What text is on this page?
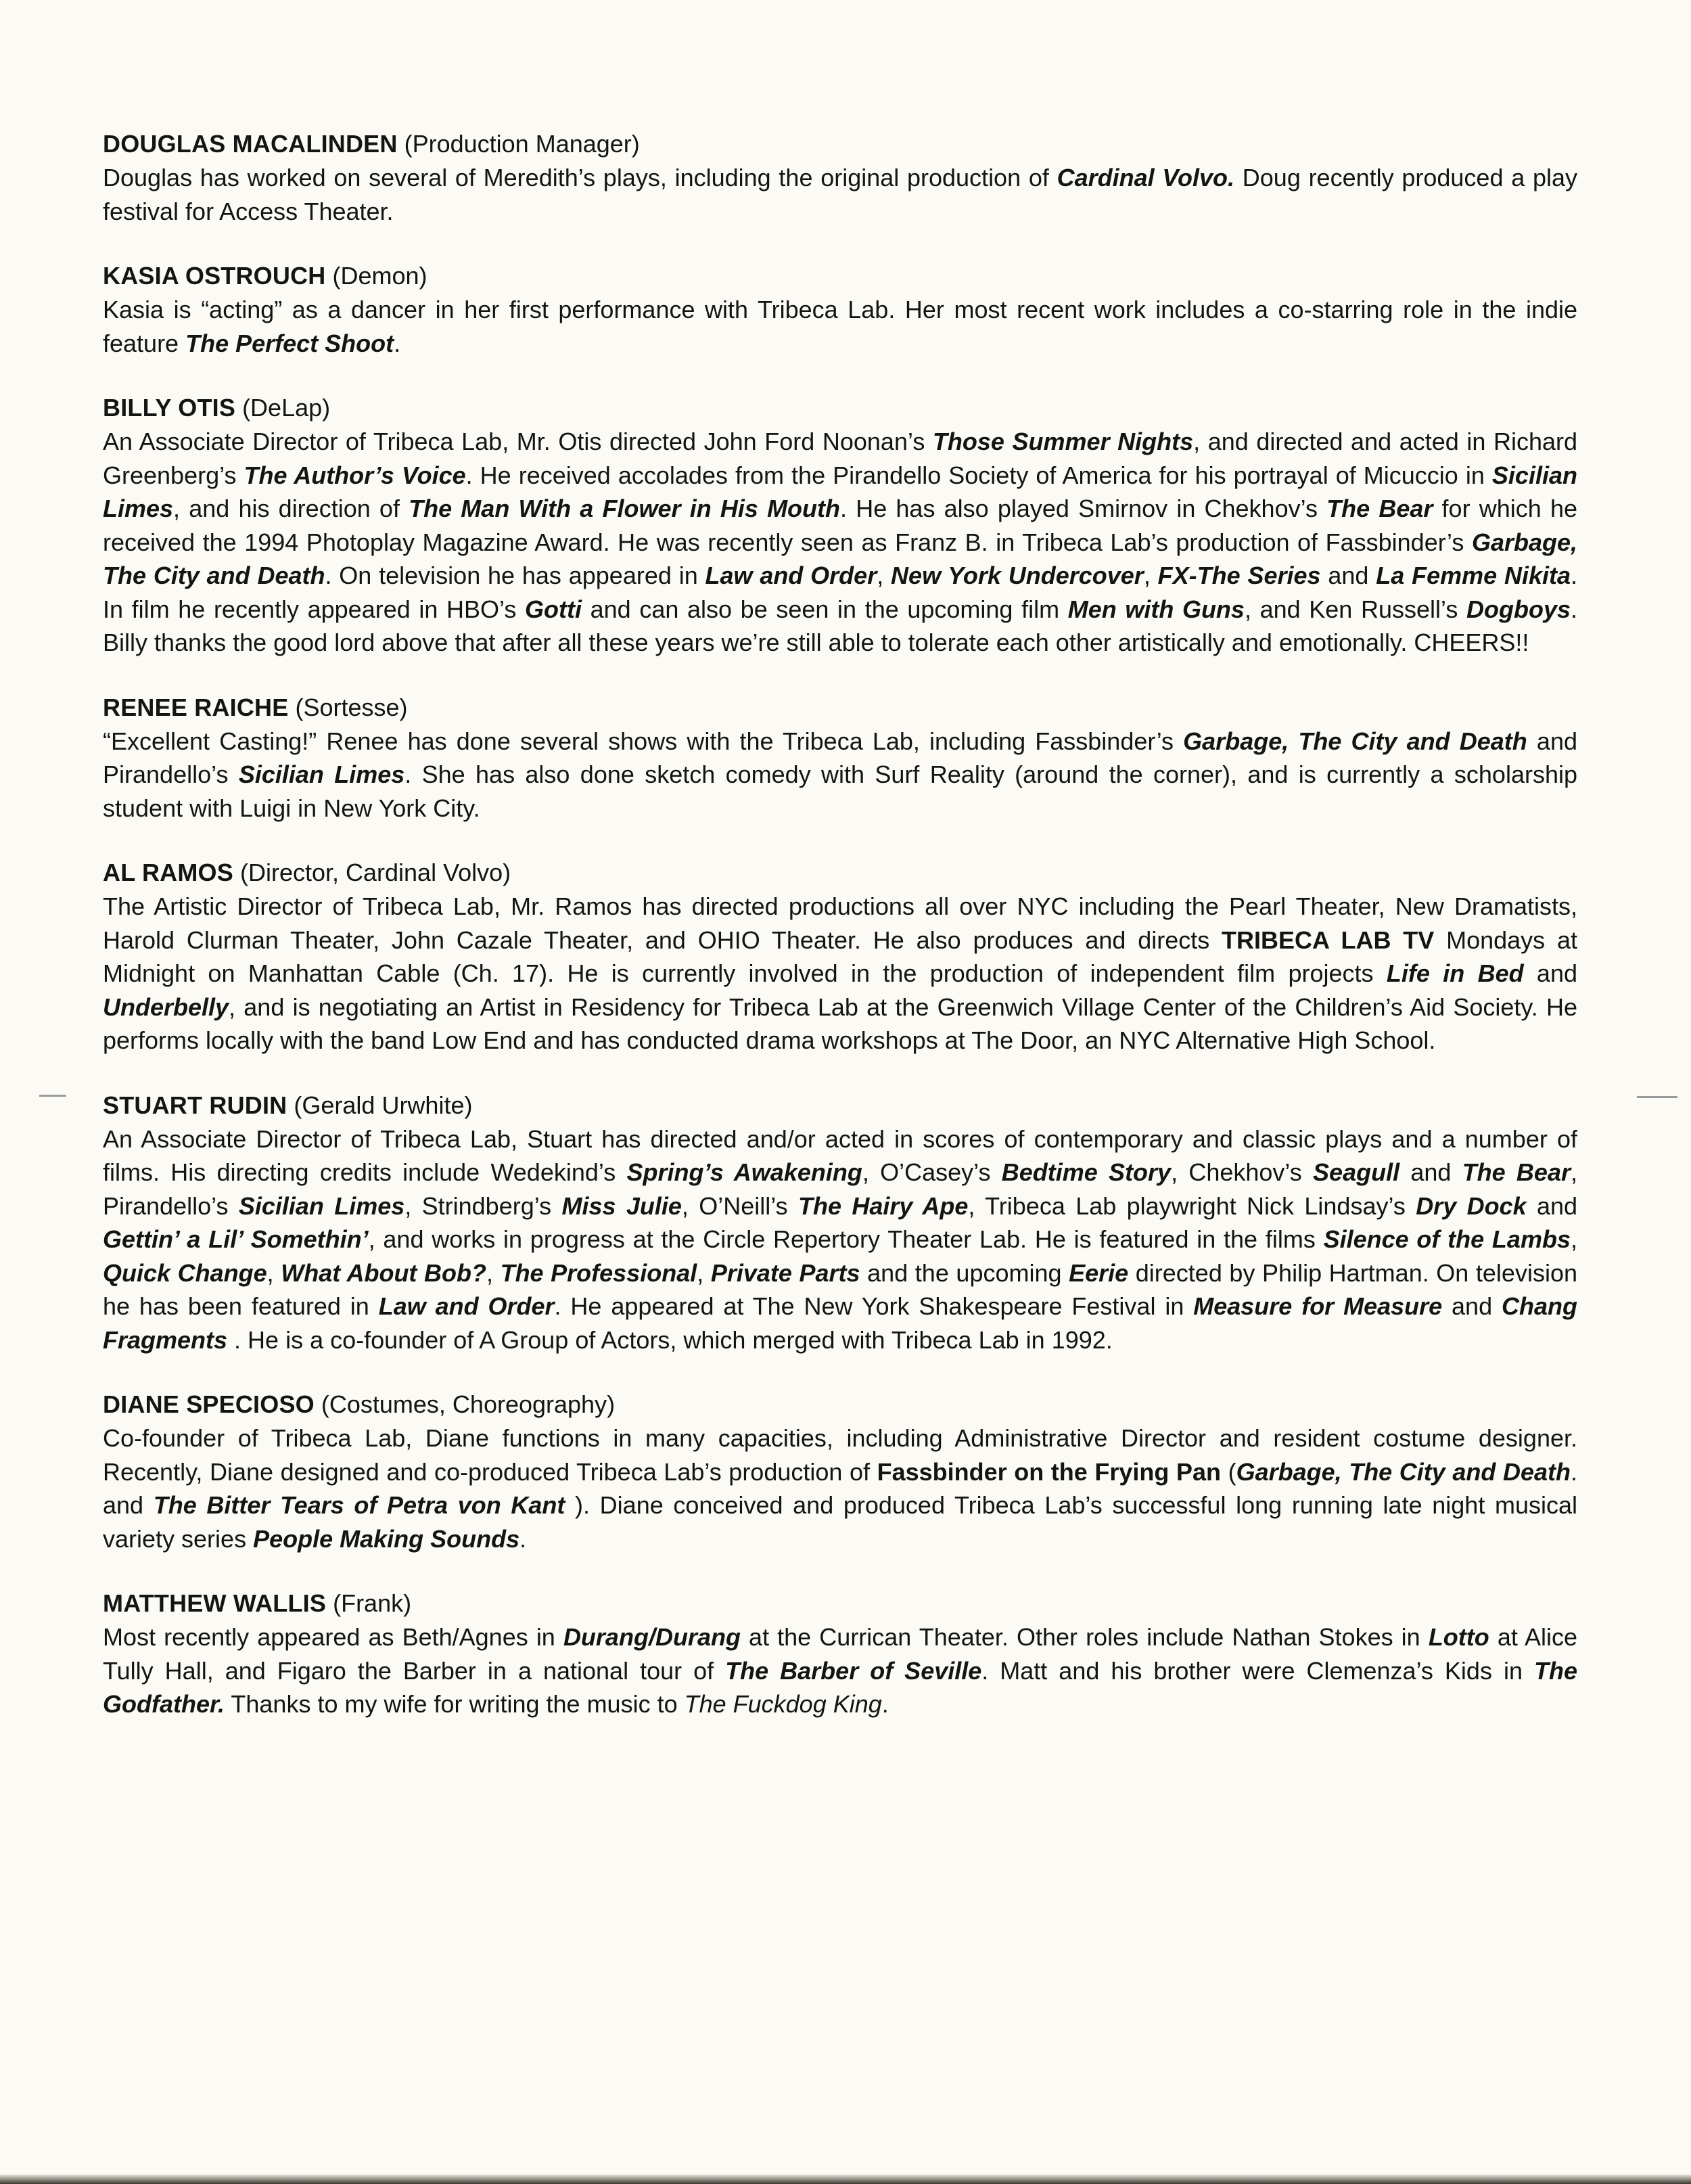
DOUGLAS MACALINDEN (Production Manager)

Douglas has worked on several of Meredith’s plays, including the original production of Cardinal Volvo. Doug recently produced a play festival for Access Theater.

KASIA OSTROUCH (Demon)

Kasia is “acting” as a dancer in her first performance with Tribeca Lab. Her most recent work includes a co-starring role in the indie feature The Perfect Shoot.

BILLY OTIS (DeLap)

An Associate Director of Tribeca Lab, Mr. Otis directed John Ford Noonan’s Those Summer Nights, and directed and acted in Richard Greenberg’s The Author’s Voice. He received accolades from the Pirandello Society of America for his portrayal of Micuccio in Sicilian Limes, and his direction of The Man With a Flower in His Mouth. He has also played Smirnov in Chekhov’s The Bear for which he received the 1994 Photoplay Magazine Award. He was recently seen as Franz B. in Tribeca Lab’s production of Fassbinder’s Garbage, The City and Death. On television he has appeared in Law and Order, New York Undercover, FX-The Series and La Femme Nikita. In film he recently appeared in HBO’s Gotti and can also be seen in the upcoming film Men with Guns, and Ken Russell’s Dogboys. Billy thanks the good lord above that after all these years we’re still able to tolerate each other artistically and emotionally. CHEERS!!

RENEE RAICHE (Sortesse)

“Excellent Casting!” Renee has done several shows with the Tribeca Lab, including Fassbinder’s Garbage, The City and Death and Pirandello’s Sicilian Limes. She has also done sketch comedy with Surf Reality (around the corner), and is currently a scholarship student with Luigi in New York City.

AL RAMOS (Director, Cardinal Volvo)

The Artistic Director of Tribeca Lab, Mr. Ramos has directed productions all over NYC including the Pearl Theater, New Dramatists, Harold Clurman Theater, John Cazale Theater, and OHIO Theater. He also produces and directs TRIBECA LAB TV Mondays at Midnight on Manhattan Cable (Ch. 17). He is currently involved in the production of independent film projects Life in Bed and Underbelly, and is negotiating an Artist in Residency for Tribeca Lab at the Greenwich Village Center of the Children’s Aid Society. He performs locally with the band Low End and has conducted drama workshops at The Door, an NYC Alternative High School.

STUART RUDIN (Gerald Urwhite)

An Associate Director of Tribeca Lab, Stuart has directed and/or acted in scores of contemporary and classic plays and a number of films. His directing credits include Wedekind’s Spring’s Awakening, O’Casey’s Bedtime Story, Chekhov’s Seagull and The Bear, Pirandello’s Sicilian Limes, Strindberg’s Miss Julie, O’Neill’s The Hairy Ape, Tribeca Lab playwright Nick Lindsay’s Dry Dock and Gettin’ a Lil’ Somethin’, and works in progress at the Circle Repertory Theater Lab. He is featured in the films Silence of the Lambs, Quick Change, What About Bob?, The Professional, Private Parts and the upcoming Eerie directed by Philip Hartman. On television he has been featured in Law and Order. He appeared at The New York Shakespeare Festival in Measure for Measure and Chang Fragments . He is a co-founder of A Group of Actors, which merged with Tribeca Lab in 1992.

DIANE SPECIOSO (Costumes, Choreography)

Co-founder of Tribeca Lab, Diane functions in many capacities, including Administrative Director and resident costume designer. Recently, Diane designed and co-produced Tribeca Lab’s production of Fassbinder on the Frying Pan (Garbage, The City and Death. and The Bitter Tears of Petra von Kant ). Diane conceived and produced Tribeca Lab’s successful long running late night musical variety series People Making Sounds.

MATTHEW WALLIS (Frank)

Most recently appeared as Beth/Agnes in Durang/Durang at the Currican Theater. Other roles include Nathan Stokes in Lotto at Alice Tully Hall, and Figaro the Barber in a national tour of The Barber of Seville. Matt and his brother were Clemenza’s Kids in The Godfather. Thanks to my wife for writing the music to The Fuckdog King.
